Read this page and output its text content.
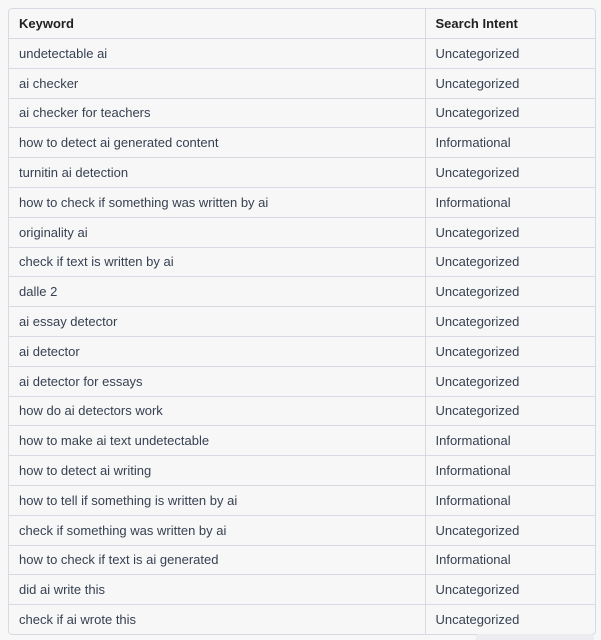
Keyword	Search Intent
undetectable ai	Uncategorized
ai checker	Uncategorized
ai checker for teachers	Uncategorized
how to detect ai generated content	Informational
turnitin ai detection	Uncategorized
how to check if something was written by ai	Informational
originality ai	Uncategorized
check if text is written by ai	Uncategorized
dalle 2	Uncategorized
ai essay detector	Uncategorized
ai detector	Uncategorized
ai detector for essays	Uncategorized
how do ai detectors work	Uncategorized
how to make ai text undetectable	Informational
how to detect ai writing	Informational
how to tell if something is written by ai	Informational
check if something was written by ai	Uncategorized
how to check if text is ai generated	Informational
did ai write this	Uncategorized
check if ai wrote this	Uncategorized
